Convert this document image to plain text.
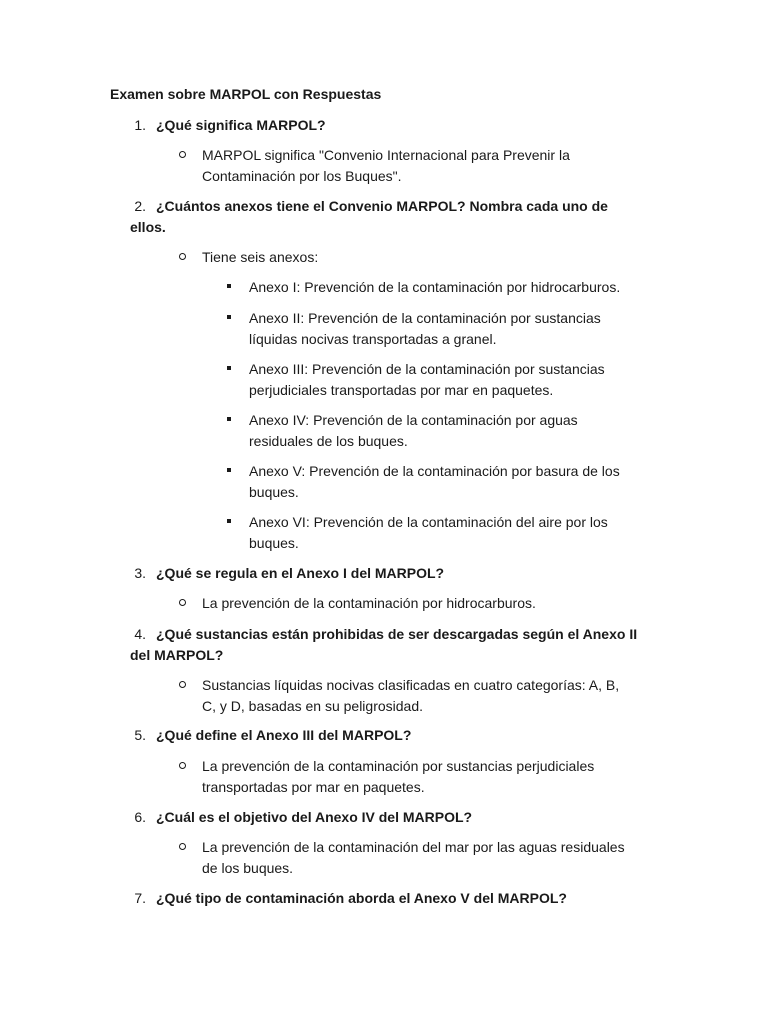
Examen sobre MARPOL con Respuestas
1. ¿Qué significa MARPOL?
MARPOL significa "Convenio Internacional para Prevenir la
Contaminación por los Buques".
2. ¿Cuántos anexos tiene el Convenio MARPOL? Nombra cada uno de
ellos.
Tiene seis anexos:
Anexo I: Prevención de la contaminación por hidrocarburos.
Anexo II: Prevención de la contaminación por sustancias
líquidas nocivas transportadas a granel.
Anexo III: Prevención de la contaminación por sustancias
perjudiciales transportadas por mar en paquetes.
Anexo IV: Prevención de la contaminación por aguas
residuales de los buques.
Anexo V: Prevención de la contaminación por basura de los
buques.
Anexo VI: Prevención de la contaminación del aire por los
buques.
3. ¿Qué se regula en el Anexo I del MARPOL?
La prevención de la contaminación por hidrocarburos.
4. ¿Qué sustancias están prohibidas de ser descargadas según el Anexo II
del MARPOL?
Sustancias líquidas nocivas clasificadas en cuatro categorías: A, B,
C, y D, basadas en su peligrosidad.
5. ¿Qué define el Anexo III del MARPOL?
La prevención de la contaminación por sustancias perjudiciales
transportadas por mar en paquetes.
6. ¿Cuál es el objetivo del Anexo IV del MARPOL?
La prevención de la contaminación del mar por las aguas residuales
de los buques.
7. ¿Qué tipo de contaminación aborda el Anexo V del MARPOL?
